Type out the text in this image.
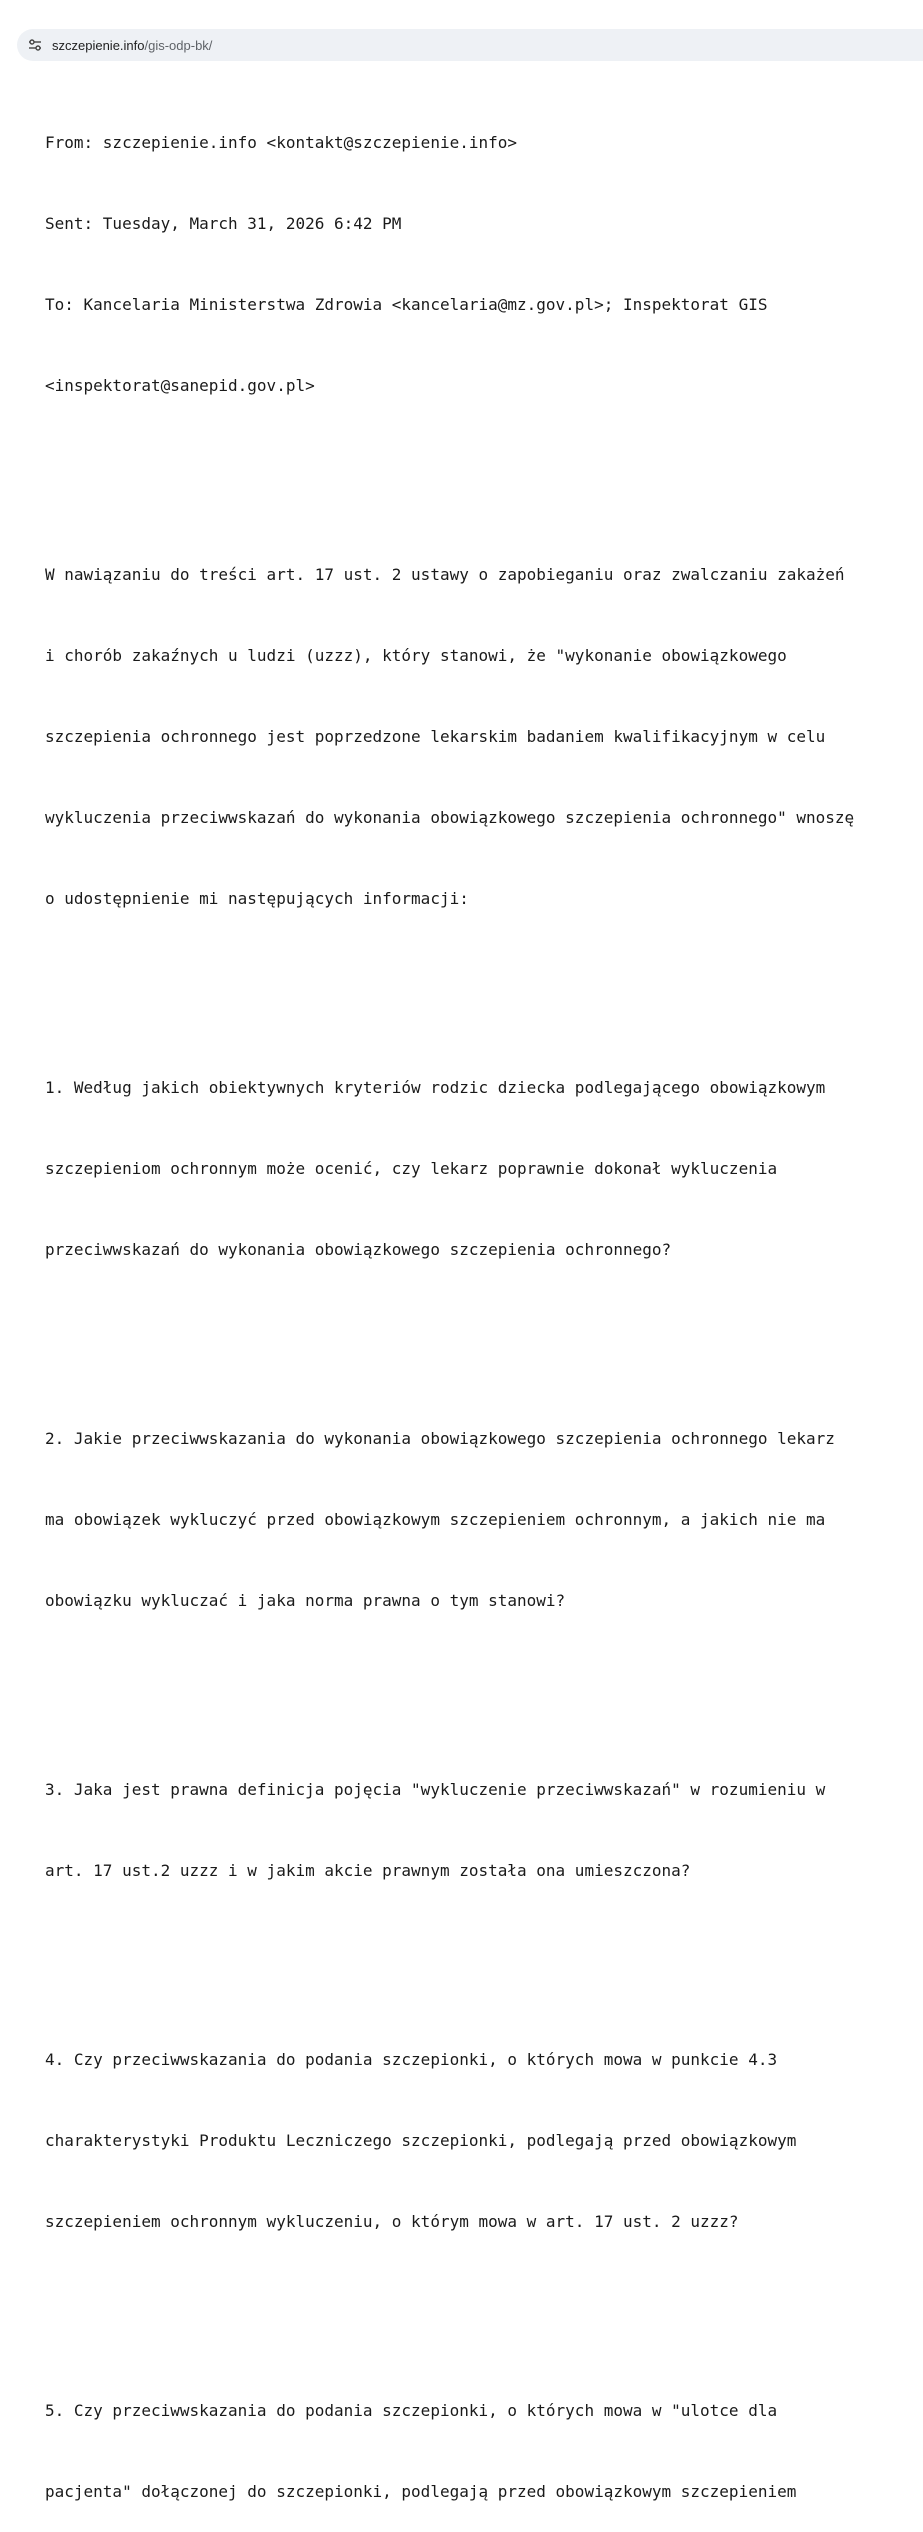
szczepienie.info/gis-odp-bk/

From: szczepienie.info <kontakt@szczepienie.info>

Sent: Tuesday, March 31, 2026 6:42 PM

To: Kancelaria Ministerstwa Zdrowia <kancelaria@mz.gov.pl>; Inspektorat GIS

<inspektorat@sanepid.gov.pl>

W nawiązaniu do treści art. 17 ust. 2 ustawy o zapobieganiu oraz zwalczaniu zakażeń

i chorób zakaźnych u ludzi (uzzz), który stanowi, że "wykonanie obowiązkowego

szczepienia ochronnego jest poprzedzone lekarskim badaniem kwalifikacyjnym w celu

wykluczenia przeciwwskazań do wykonania obowiązkowego szczepienia ochronnego" wnoszę

o udostępnienie mi następujących informacji:

1. Według jakich obiektywnych kryteriów rodzic dziecka podlegającego obowiązkowym

szczepieniom ochronnym może ocenić, czy lekarz poprawnie dokonał wykluczenia

przeciwwskazań do wykonania obowiązkowego szczepienia ochronnego?

2. Jakie przeciwwskazania do wykonania obowiązkowego szczepienia ochronnego lekarz

ma obowiązek wykluczyć przed obowiązkowym szczepieniem ochronnym, a jakich nie ma

obowiązku wykluczać i jaka norma prawna o tym stanowi?

3. Jaka jest prawna definicja pojęcia "wykluczenie przeciwwskazań" w rozumieniu w

art. 17 ust.2 uzzz i w jakim akcie prawnym została ona umieszczona?

4. Czy przeciwwskazania do podania szczepionki, o których mowa w punkcie 4.3

charakterystyki Produktu Leczniczego szczepionki, podlegają przed obowiązkowym

szczepieniem ochronnym wykluczeniu, o którym mowa w art. 17 ust. 2 uzzz?

5. Czy przeciwwskazania do podania szczepionki, o których mowa w "ulotce dla

pacjenta" dołączonej do szczepionki, podlegają przed obowiązkowym szczepieniem
